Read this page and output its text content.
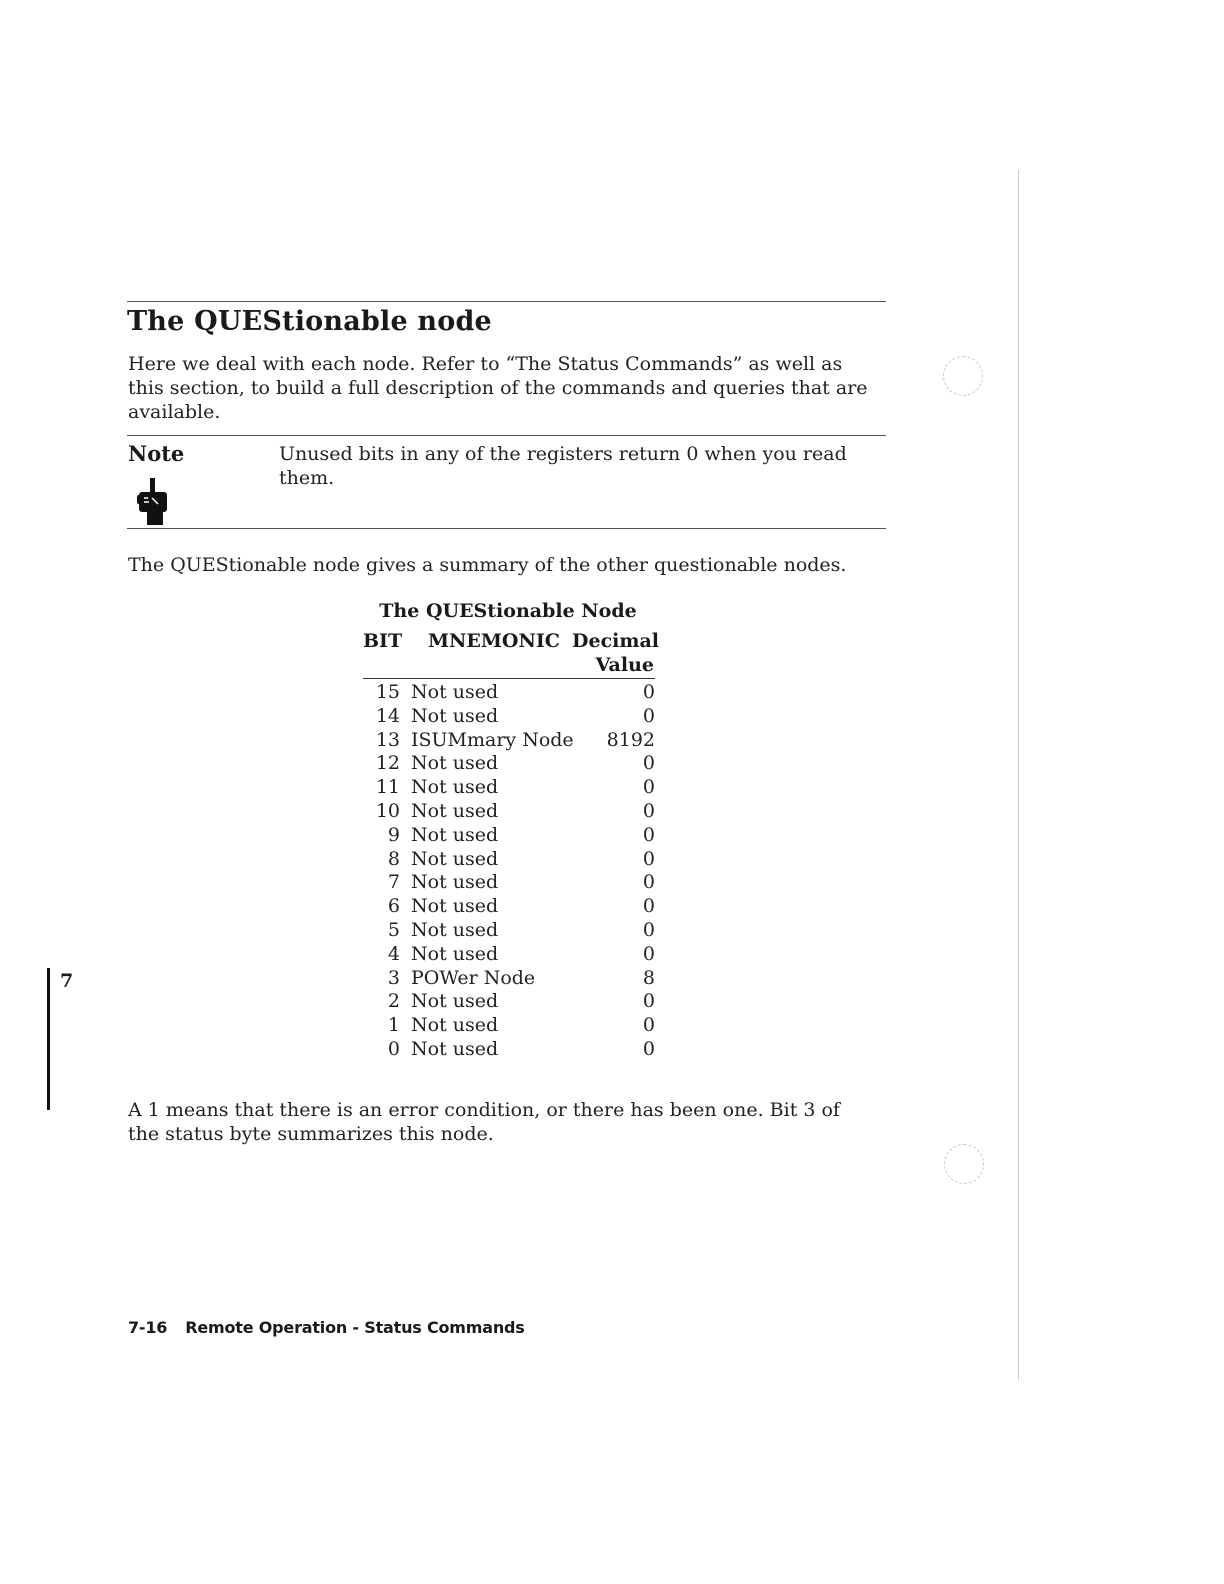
The QUEStionable node

Here we deal with each node. Refer to “The Status Commands” as well as this section, to build a full description of the commands and queries that are available.

Note	Unused bits in any of the registers return 0 when you read them.

The QUEStionable node gives a summary of the other questionable nodes.

The QUEStionable Node
BIT MNEMONIC Decimal
Value
15 Not used	0
14 Not used	0
13 ISUMmary Node	8192
12 Not used	0
11 Not used	0
10 Not used	0
9 Not used	0
8 Not used	0
7 Not used	0
6 Not used	0
5 Not used	0
4 Not used	0
3 POWer Node	8
2 Not used	0
1 Not used	0
0 Not used	0
7

A 1 means that there is an error condition, or there has been one. Bit 3 of the status byte summarizes this node.

7-16 Remote Operation - Status Commands
